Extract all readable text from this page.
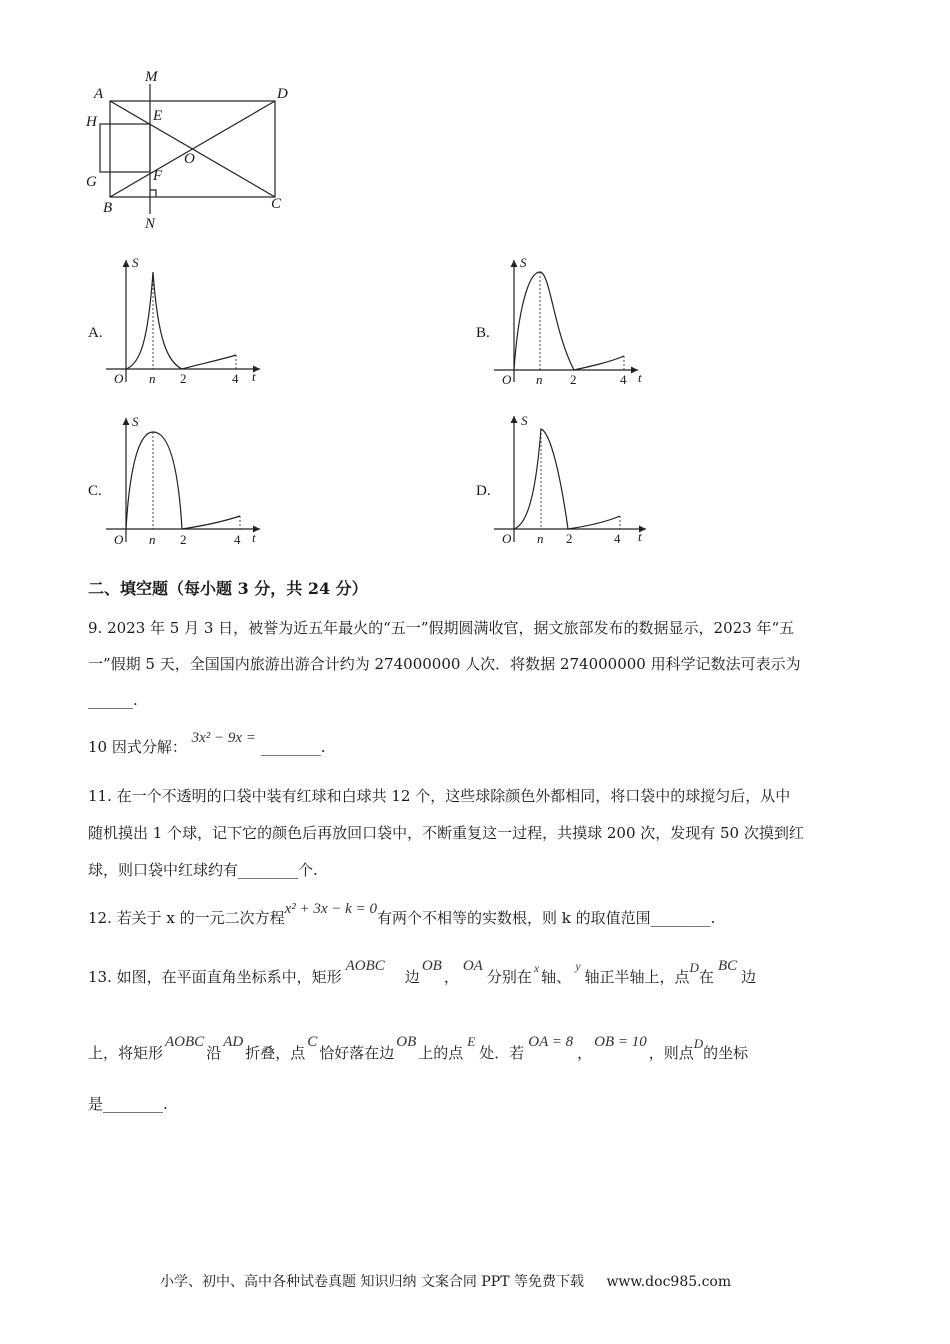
M
A	D
H	E
O
G	F
B	C
N
A.
S
O n 2	4 t
B.
S
O n 2	4 t
C.
S
O n 2	4 t
D.
S
O n 2	4 t
二、填空题（每小题 3 分，共 24 分）
9. 2023 年 5 月 3 日，被誉为近五年最火的“五一”假期圆满收官，据文旅部发布的数据显示，2023 年“五
一”假期 5 天，全国国内旅游出游合计约为 274000000 人次．将数据 274000000 用科学记数法可表示为
______.
10 因式分解： 3x² − 9x = ________.
11. 在一个不透明的口袋中装有红球和白球共 12 个，这些球除颜色外都相同，将口袋中的球搅匀后，从中
随机摸出 1 个球，记下它的颜色后再放回口袋中，不断重复这一过程，共摸球 200 次，发现有 50 次摸到红
球，则口袋中红球约有________个.
12. 若关于 x 的一元二次方程x² + 3x − k = 0有两个不相等的实数根，则 k 的取值范围________.
13. 如图，在平面直角坐标系中，矩形AOBC边OB，OA分别在 $^x$ 轴、$^y$轴正半轴上，点D在BC边
上，将矩形AOBC沿AD折叠，点C恰好落在边OB上的点E处．若OA = 8，OB = 10，则点D的坐标
是________.
小学、初中、高中各种试卷真题 知识归纳 文案合同 PPT 等免费下载 www.doc985.com
